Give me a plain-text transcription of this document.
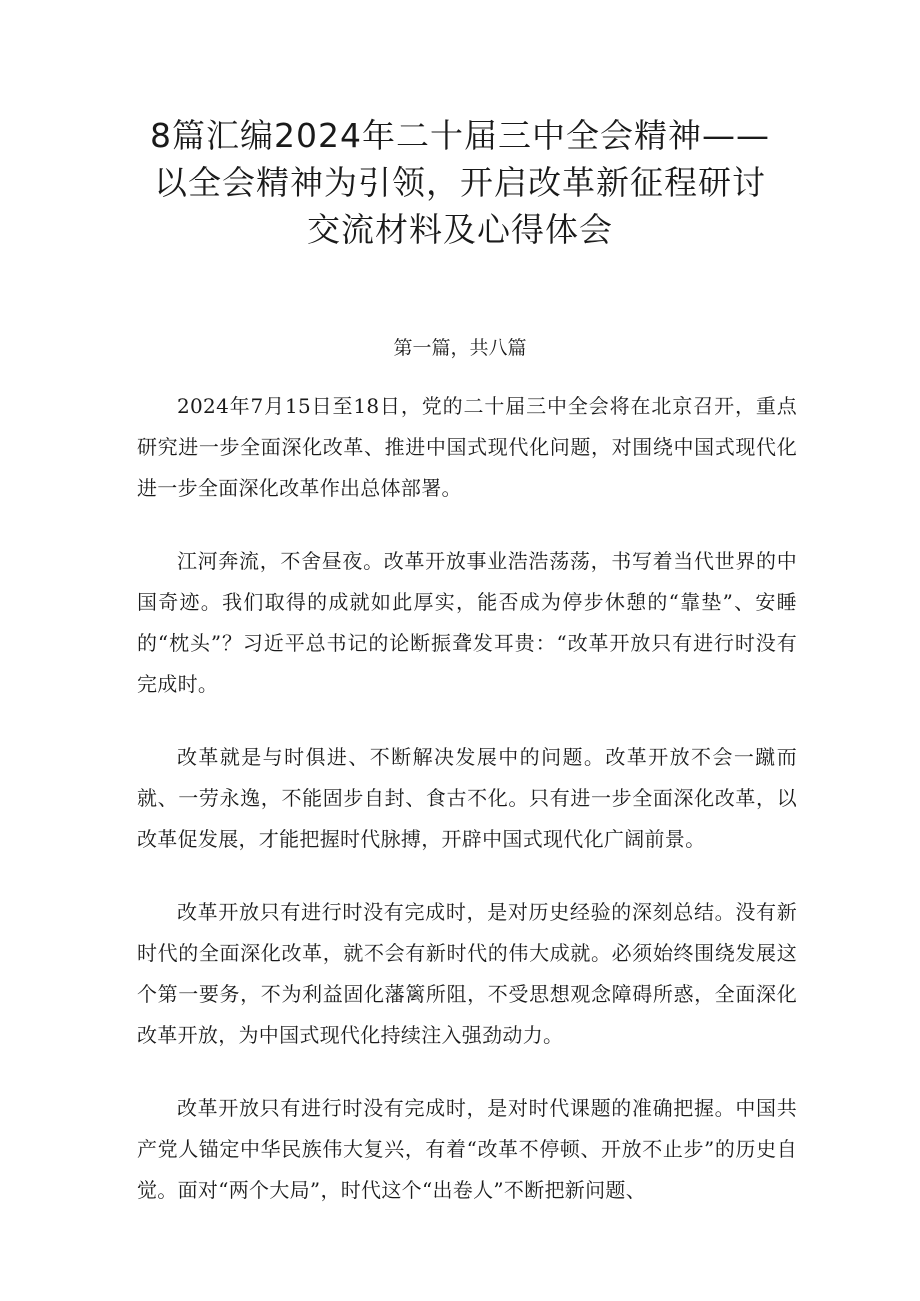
8篇汇编2024年二十届三中全会精神——
以全会精神为引领，开启改革新征程研讨
交流材料及心得体会
第一篇，共八篇

2024年7月15日至18日，党的二十届三中全会将在北京召开，重点研究进一步全面深化改革、推进中国式现代化问题，对围绕中国式现代化进一步全面深化改革作出总体部署。

江河奔流，不舍昼夜。改革开放事业浩浩荡荡，书写着当代世界的中国奇迹。我们取得的成就如此厚实，能否成为停步休憩的“靠垫”、安睡的“枕头”？习近平总书记的论断振聋发耳贵：“改革开放只有进行时没有完成时。

改革就是与时俱进、不断解决发展中的问题。改革开放不会一蹴而就、一劳永逸，不能固步自封、食古不化。只有进一步全面深化改革，以改革促发展，才能把握时代脉搏，开辟中国式现代化广阔前景。

改革开放只有进行时没有完成时，是对历史经验的深刻总结。没有新时代的全面深化改革，就不会有新时代的伟大成就。必须始终围绕发展这个第一要务，不为利益固化藩篱所阻，不受思想观念障碍所惑，全面深化改革开放，为中国式现代化持续注入强劲动力。

改革开放只有进行时没有完成时，是对时代课题的准确把握。中国共产党人锚定中华民族伟大复兴，有着“改革不停顿、开放不止步”的历史自觉。面对“两个大局”，时代这个“出卷人”不断把新问题、
